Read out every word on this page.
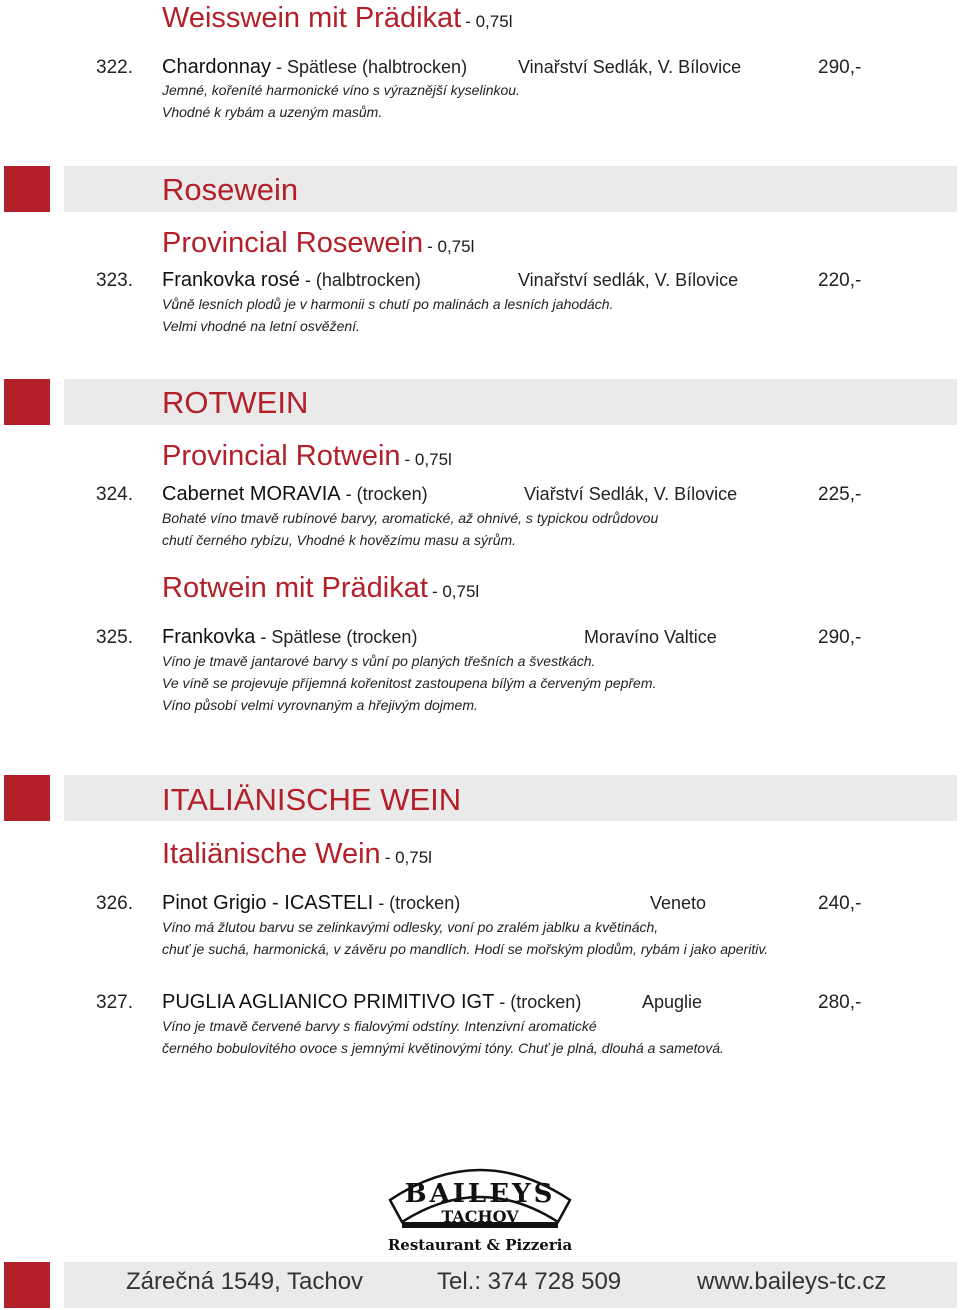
Weisswein mit Prädikat - 0,75l
322. Chardonnay - Spätlese (halbtrocken)	Vinařství Sedlák, V. Bílovice	290,-
Jemné, kořeníté harmonické víno s výraznější kyselinkou.
Vhodné k rybám a uzeným masům.
Rosewein
Provincial Rosewein - 0,75l
323. Frankovka rosé - (halbtrocken)	Vinařství sedlák, V. Bílovice	220,-
Vůně lesních plodů je v harmonii s chutí po malinách a lesních jahodách.
Velmi vhodné na letní osvěžení.
ROTWEIN
Provincial Rotwein - 0,75l
324. Cabernet MORAVIA - (trocken)	Viařství Sedlák, V. Bílovice	225,-
Bohaté víno tmavě rubínové barvy, aromatické, až ohnivé, s typickou odrůdovou
chutí černého rybízu, Vhodné k hovězímu masu a sýrům.
Rotwein mit Prädikat - 0,75l
325. Frankovka - Spätlese (trocken)	Moravíno Valtice	290,-
Víno je tmavě jantarové barvy s vůní po planých třešních a švestkách.
Ve víně se projevuje příjemná kořenitost zastoupena bílým a červeným pepřem.
Víno působí velmi vyrovnaným a hřejivým dojmem.
ITALIÄNISCHE WEIN
Italiänische Wein - 0,75l
326. Pinot Grigio - ICASTELI - (trocken)	Veneto	240,-
Víno má žlutou barvu se zelinkavými odlesky, voní po zralém jablku a květinách,
chuť je suchá, harmonická, v závěru po mandlích. Hodí se mořským plodům, rybám i jako aperitiv.
327. PUGLIA AGLIANICO PRIMITIVO IGT - (trocken)	Apuglie	280,-
Víno je tmavě červené barvy s fialovými odstíny. Intenzivní aromatické
černého bobulovitého ovoce s jemnými květinovými tóny. Chuť je plná, dlouhá a sametová.
BAILEYS
TACHOV
Restaurant & Pizzeria
Zárečná 1549, Tachov	Tel.: 374 728 509	www.baileys-tc.cz
